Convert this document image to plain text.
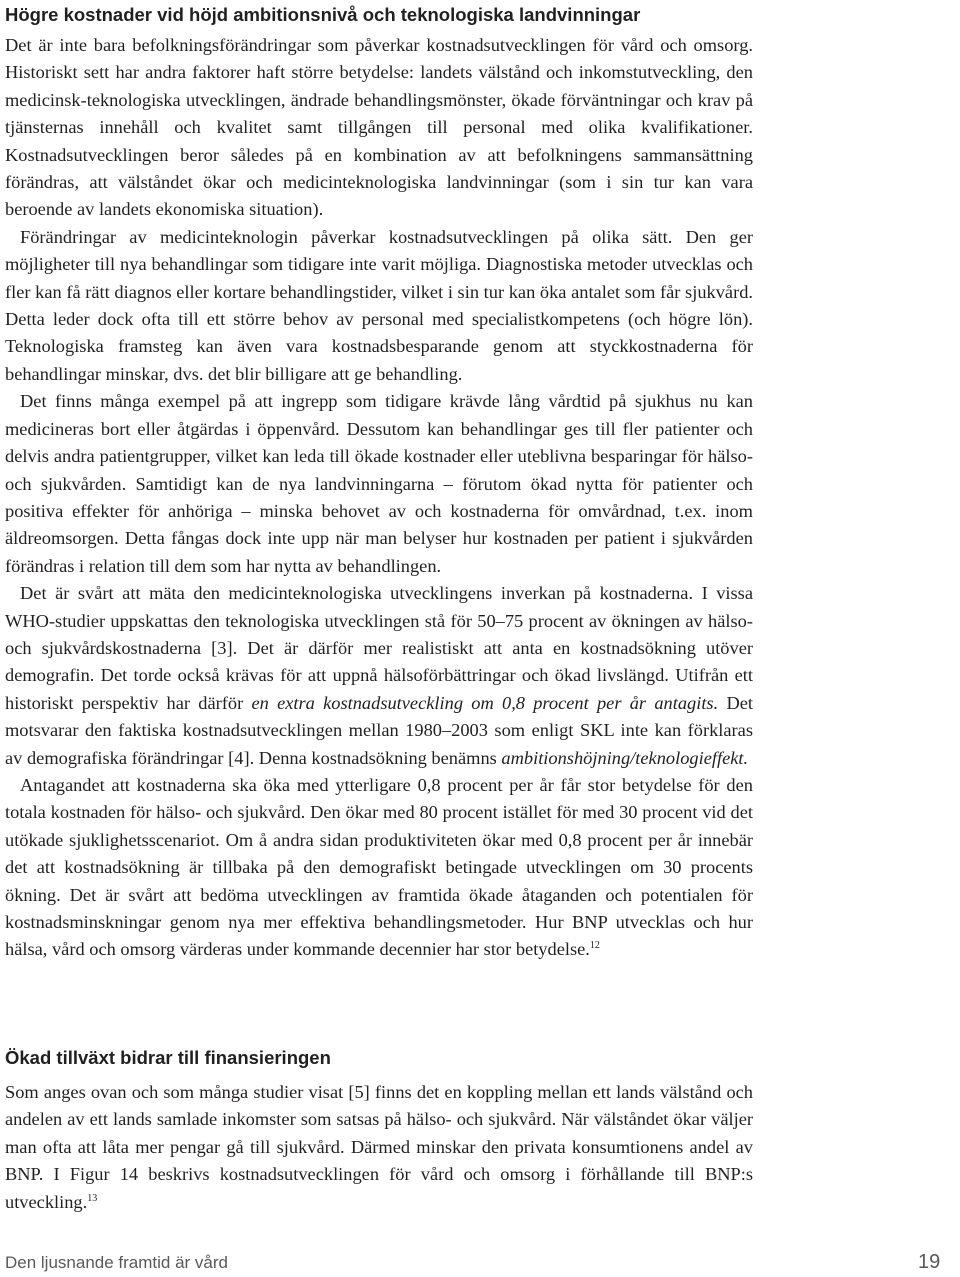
Högre kostnader vid höjd ambitionsnivå och teknologiska landvinningar

Det är inte bara befolkningsförändringar som påverkar kostnadsutvecklingen för vård och omsorg. Historiskt sett har andra faktorer haft större betydelse: landets välstånd och inkomstutveckling, den medicinsk-teknologiska utvecklingen, ändrade behandlingsmönster, ökade förväntningar och krav på tjänsternas innehåll och kvalitet samt tillgången till personal med olika kvalifikationer. Kostnadsutvecklingen beror således på en kombination av att befolkningens sammansättning förändras, att välståndet ökar och medicinteknologiska landvinningar (som i sin tur kan vara beroende av landets ekonomiska situation).

Förändringar av medicinteknologin påverkar kostnadsutvecklingen på olika sätt. Den ger möjligheter till nya behandlingar som tidigare inte varit möjliga. Diagnostiska metoder utvecklas och fler kan få rätt diagnos eller kortare behandlingstider, vilket i sin tur kan öka antalet som får sjukvård. Detta leder dock ofta till ett större behov av personal med specialistkompetens (och högre lön). Teknologiska framsteg kan även vara kostnadsbesparande genom att styckkostnaderna för behandlingar minskar, dvs. det blir billigare att ge behandling.

Det finns många exempel på att ingrepp som tidigare krävde lång vårdtid på sjukhus nu kan medicineras bort eller åtgärdas i öppenvård. Dessutom kan behandlingar ges till fler patienter och delvis andra patientgrupper, vilket kan leda till ökade kostnader eller uteblivna besparingar för hälso- och sjukvården. Samtidigt kan de nya landvinningarna – förutom ökad nytta för patienter och positiva effekter för anhöriga – minska behovet av och kostnaderna för omvårdnad, t.ex. inom äldreomsorgen. Detta fångas dock inte upp när man belyser hur kostnaden per patient i sjukvården förändras i relation till dem som har nytta av behandlingen.

Det är svårt att mäta den medicinteknologiska utvecklingens inverkan på kostnaderna. I vissa WHO-studier uppskattas den teknologiska utvecklingen stå för 50–75 procent av ökningen av hälso- och sjukvårdskostnaderna [3]. Det är därför mer realistiskt att anta en kostnadsökning utöver demografin. Det torde också krävas för att uppnå hälsoförbättringar och ökad livslängd. Utifrån ett historiskt perspektiv har därför en extra kostnadsutveckling om 0,8 procent per år antagits. Det motsvarar den faktiska kostnadsutvecklingen mellan 1980–2003 som enligt SKL inte kan förklaras av demografiska förändringar [4]. Denna kostnadsökning benämns ambitionshöjning/teknologieffekt.

Antagandet att kostnaderna ska öka med ytterligare 0,8 procent per år får stor betydelse för den totala kostnaden för hälso- och sjukvård. Den ökar med 80 procent istället för med 30 procent vid det utökade sjuklighetsscenariot. Om å andra sidan produktiviteten ökar med 0,8 procent per år innebär det att kostnadsökning är tillbaka på den demografiskt betingade utvecklingen om 30 procents ökning. Det är svårt att bedöma utvecklingen av framtida ökade åtaganden och potentialen för kostnadsminskningar genom nya mer effektiva behandlingsmetoder. Hur BNP utvecklas och hur hälsa, vård och omsorg värderas under kommande decennier har stor betydelse.$^{12}$

Ökad tillväxt bidrar till finansieringen

Som anges ovan och som många studier visat [5] finns det en koppling mellan ett lands välstånd och andelen av ett lands samlade inkomster som satsas på hälso- och sjukvård. När välståndet ökar väljer man ofta att låta mer pengar gå till sjukvård. Därmed minskar den privata konsumtionens andel av BNP. I Figur 14 beskrivs kostnadsutvecklingen för vård och omsorg i förhållande till BNP:s utveckling.$^{13}$

Den ljusnande framtid är vård	19
